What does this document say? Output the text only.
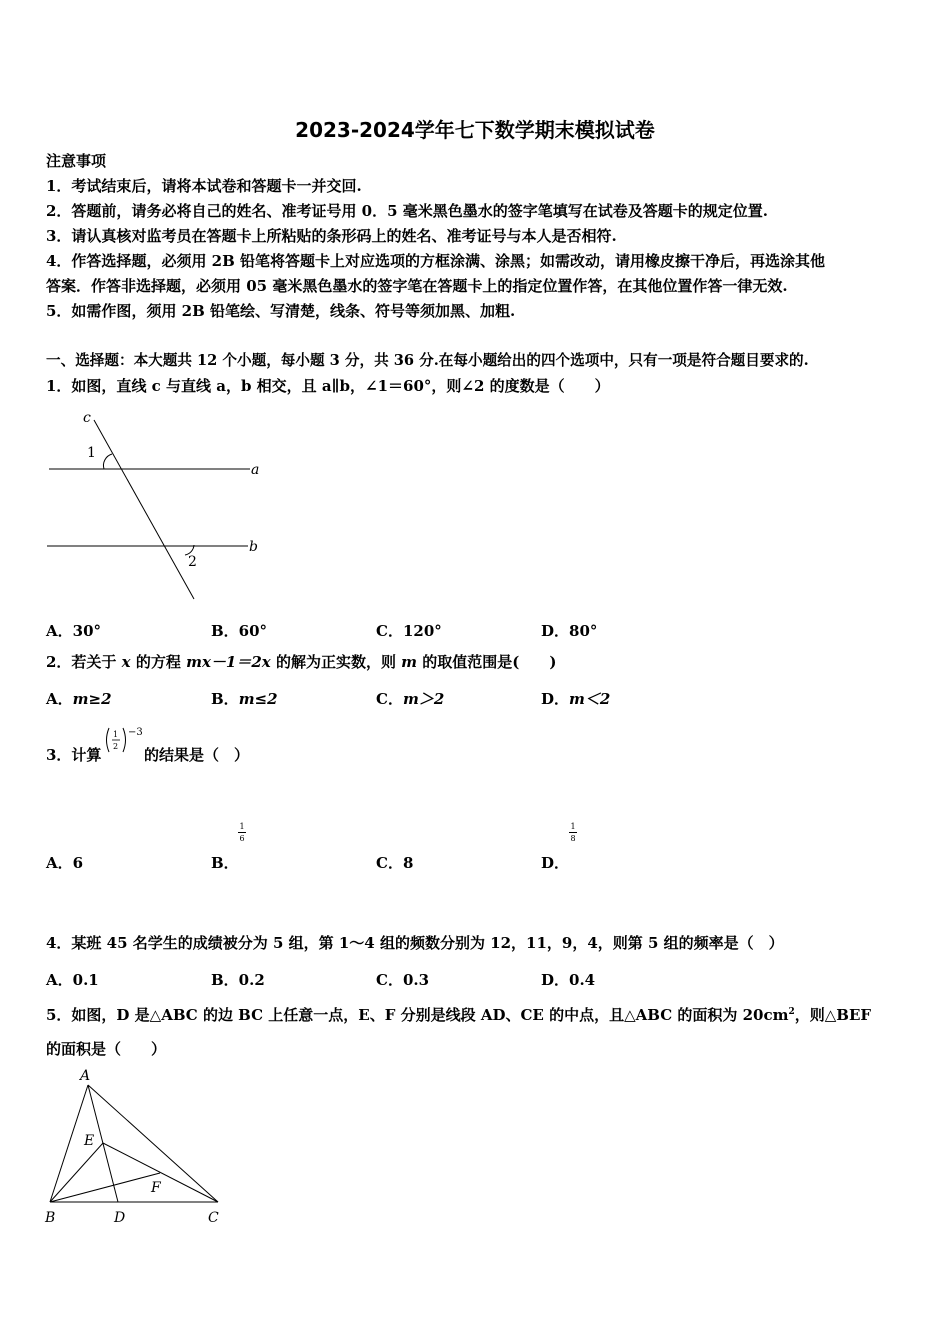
2023-2024学年七下数学期末模拟试卷
注意事项
1．考试结束后，请将本试卷和答题卡一并交回.
2．答题前，请务必将自己的姓名、准考证号用 0．5 毫米黑色墨水的签字笔填写在试卷及答题卡的规定位置.
3．请认真核对监考员在答题卡上所粘贴的条形码上的姓名、准考证号与本人是否相符.
4．作答选择题，必须用 2B 铅笔将答题卡上对应选项的方框涂满、涂黑；如需改动，请用橡皮擦干净后，再选涂其他
答案．作答非选择题，必须用 05 毫米黑色墨水的签字笔在答题卡上的指定位置作答，在其他位置作答一律无效.
5．如需作图，须用 2B 铅笔绘、写清楚，线条、符号等须加黑、加粗.
一、选择题：本大题共 12 个小题，每小题 3 分，共 36 分.在每小题给出的四个选项中，只有一项是符合题目要求的.
1．如图，直线 c 与直线 a，b 相交，且 a∥b，∠1＝60°，则∠2 的度数是（　　）
c
a
b
1
2
A．30°	B．60°	C．120°	D．80°
2．若关于 x 的方程 mx－1＝2x 的解为正实数，则 m 的取值范围是(　　)
A．m≥2	B．m≤2	C．m＞2	D．m＜2
3．计算
1
2
−3
的结果是（　）
A．6	B．
1
6
C．8	D．
1
8
4．某班 45 名学生的成绩被分为 5 组，第 1～4 组的频数分别为 12，11，9，4，则第 5 组的频率是（　）
A．0.1	B．0.2	C．0.3	D．0.4
5．如图，D 是△ABC 的边 BC 上任意一点，E、F 分别是线段 AD、CE 的中点，且△ABC 的面积为 $20cm^2$，则△BEF
的面积是（　　）
A
E
F
B	D	C
